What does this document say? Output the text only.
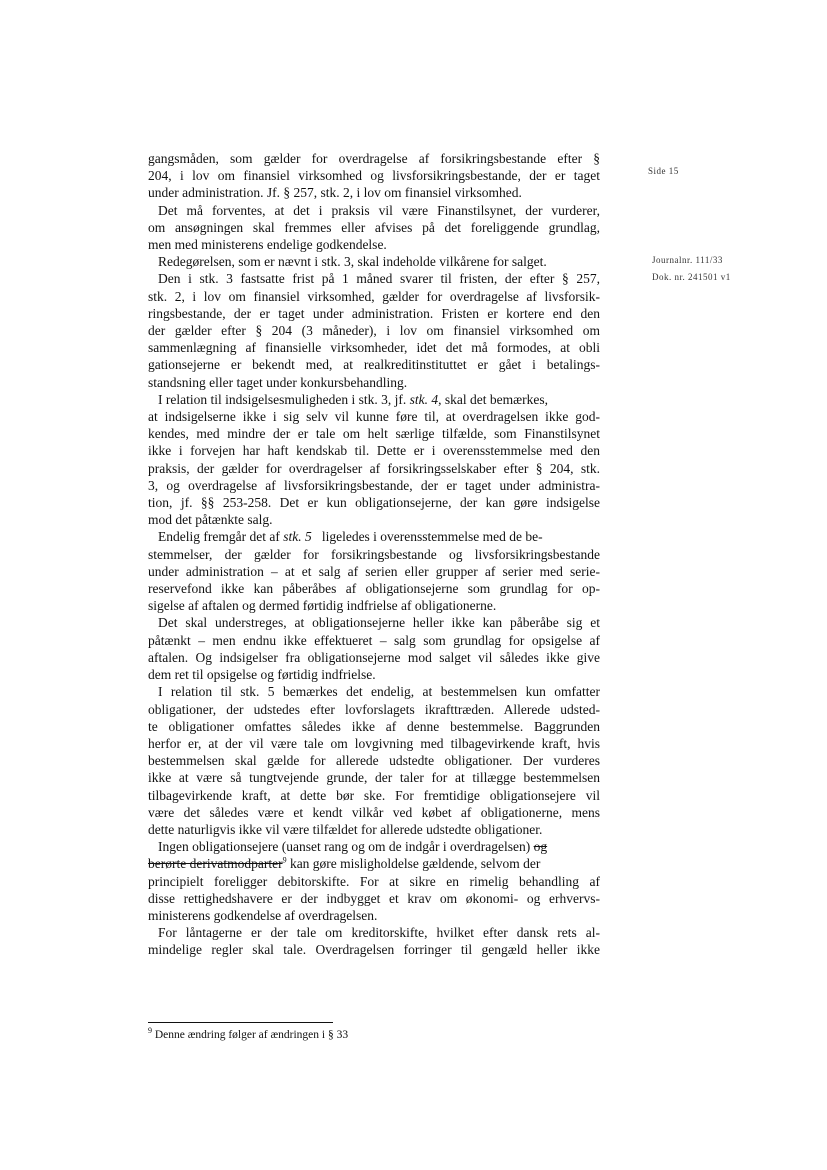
Side 15
Journalnr. 111/33
Dok. nr. 241501 v1
gangsmåden, som gælder for overdragelse af forsikringsbestande efter §
204, i lov om finansiel virksomhed og livsforsikringsbestande, der er taget
under administration. Jf. § 257, stk. 2, i lov om finansiel virksomhed.
Det må forventes, at det i praksis vil være Finanstilsynet, der vurderer,
om ansøgningen skal fremmes eller afvises på det foreliggende grundlag,
men med ministerens endelige godkendelse.
Redegørelsen, som er nævnt i stk. 3, skal indeholde vilkårene for salget.
Den i stk. 3 fastsatte frist på 1 måned svarer til fristen, der efter § 257,
stk. 2, i lov om finansiel virksomhed, gælder for overdragelse af livsforsik-
ringsbestande, der er taget under administration. Fristen er kortere end den
der gælder efter § 204 (3 måneder), i lov om finansiel virksomhed om
sammenlægning af finansielle virksomheder, idet det må formodes, at obli
gationsejerne er bekendt med, at realkreditinstituttet er gået i betalings-
standsning eller taget under konkursbehandling.
I relation til indsigelsesmuligheden i stk. 3, jf. stk. 4, skal det bemærkes,
at indsigelserne ikke i sig selv vil kunne føre til, at overdragelsen ikke god-
kendes, med mindre der er tale om helt særlige tilfælde, som Finanstilsynet
ikke i forvejen har haft kendskab til. Dette er i overensstemmelse med den
praksis, der gælder for overdragelser af forsikringsselskaber efter § 204, stk.
3, og overdragelse af livsforsikringsbestande, der er taget under administra-
tion, jf. §§ 253-258. Det er kun obligationsejerne, der kan gøre indsigelse
mod det påtænkte salg.
Endelig fremgår det af stk. 5 ligeledes i overensstemmelse med de be-
stemmelser, der gælder for forsikringsbestande og livsforsikringsbestande
under administration – at et salg af serien eller grupper af serier med serie-
reservefond ikke kan påberåbes af obligationsejerne som grundlag for op-
sigelse af aftalen og dermed førtidig indfrielse af obligationerne.
Det skal understreges, at obligationsejerne heller ikke kan påberåbe sig et
påtænkt – men endnu ikke effektueret – salg som grundlag for opsigelse af
aftalen. Og indsigelser fra obligationsejerne mod salget vil således ikke give
dem ret til opsigelse og førtidig indfrielse.
I relation til stk. 5 bemærkes det endelig, at bestemmelsen kun omfatter
obligationer, der udstedes efter lovforslagets ikrafttræden. Allerede udsted-
te obligationer omfattes således ikke af denne bestemmelse. Baggrunden
herfor er, at der vil være tale om lovgivning med tilbagevirkende kraft, hvis
bestemmelsen skal gælde for allerede udstedte obligationer. Der vurderes
ikke at være så tungtvejende grunde, der taler for at tillægge bestemmelsen
tilbagevirkende kraft, at dette bør ske. For fremtidige obligationsejere vil
være det således være et kendt vilkår ved købet af obligationerne, mens
dette naturligvis ikke vil være tilfældet for allerede udstedte obligationer.
Ingen obligationsejere (uanset rang og om de indgår i overdragelsen) og
berørte derivatmodparter$^9$ kan gøre misligholdelse gældende, selvom der
principielt foreligger debitorskifte. For at sikre en rimelig behandling af
disse rettighedshavere er der indbygget et krav om økonomi- og erhvervs-
ministerens godkendelse af overdragelsen.
For låntagerne er der tale om kreditorskifte, hvilket efter dansk rets al-
mindelige regler skal tale. Overdragelsen forringer til gengæld heller ikke
$^9$ Denne ændring følger af ændringen i § 33
